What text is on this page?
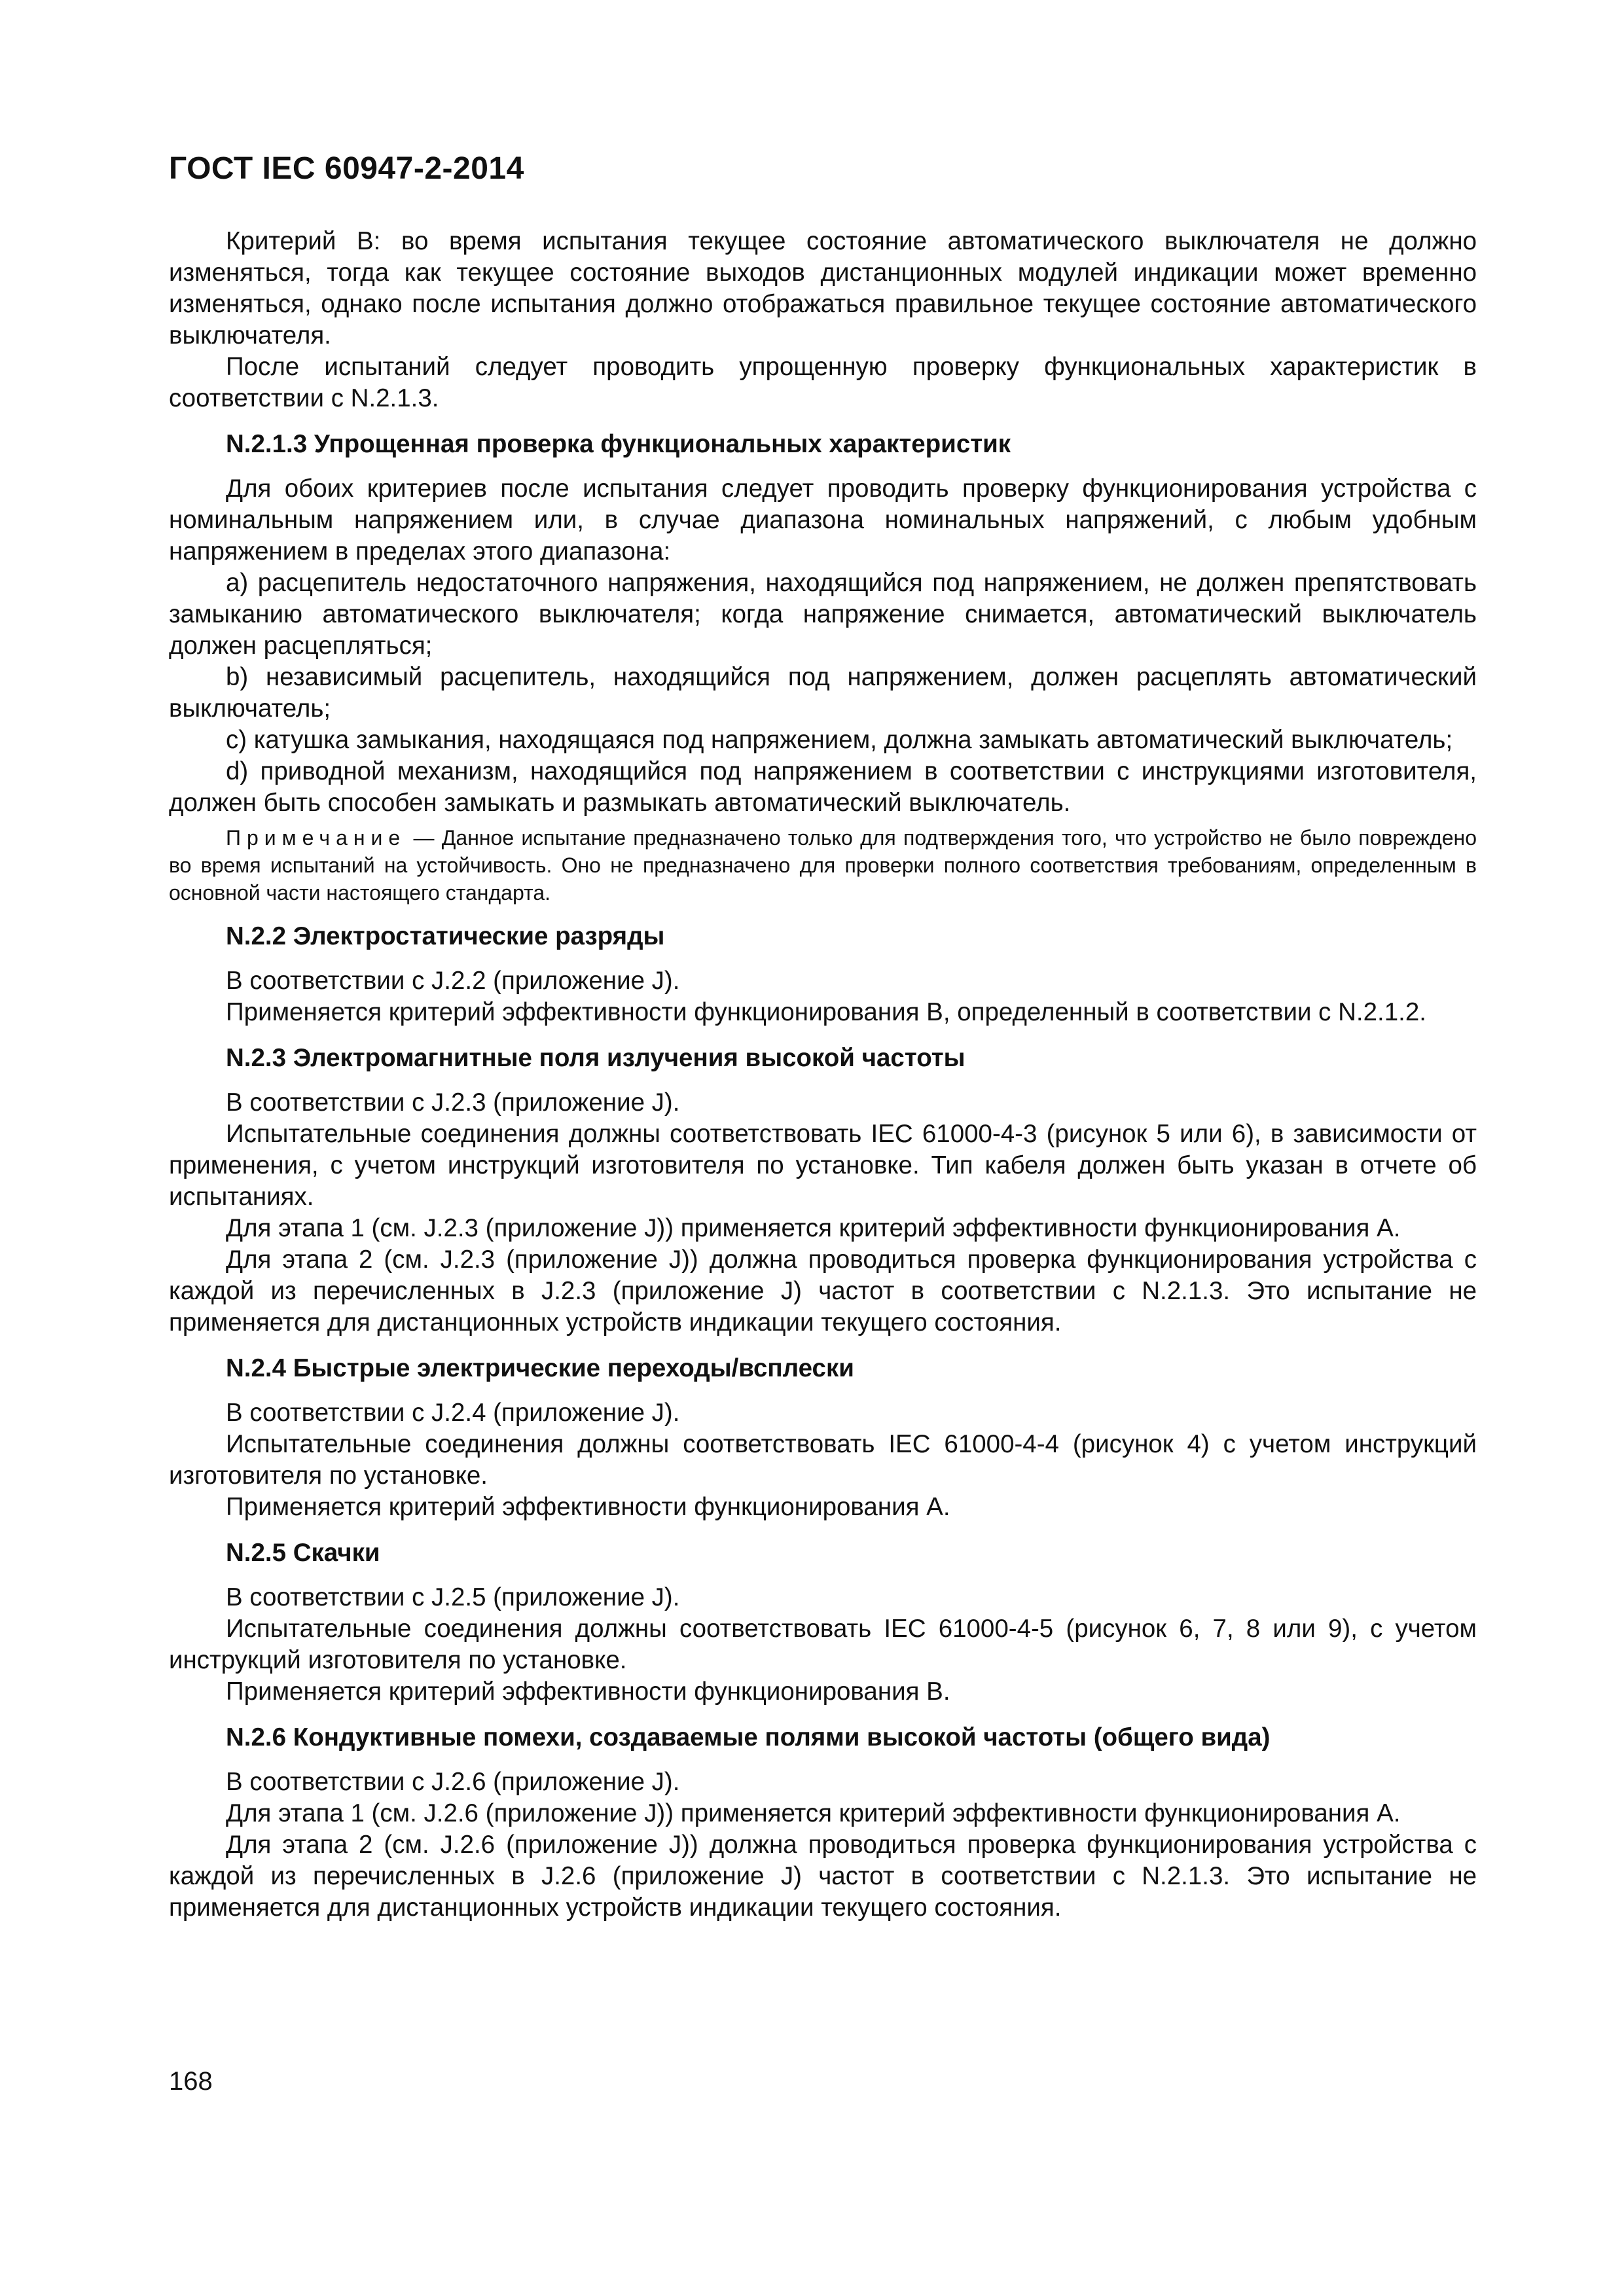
ГОСТ IEC 60947-2-2014

Критерий В: во время испытания текущее состояние автоматического выключателя не должно изменяться, тогда как текущее состояние выходов дистанционных модулей индикации может временно изменяться, однако после испытания должно отображаться правильное текущее состояние автоматического выключателя.

После испытаний следует проводить упрощенную проверку функциональных характеристик в соответствии с N.2.1.3.

N.2.1.3 Упрощенная проверка функциональных характеристик

Для обоих критериев после испытания следует проводить проверку функционирования устройства с номинальным напряжением или, в случае диапазона номинальных напряжений, с любым удобным напряжением в пределах этого диапазона:

a) расцепитель недостаточного напряжения, находящийся под напряжением, не должен препятствовать замыканию автоматического выключателя; когда напряжение снимается, автоматический выключатель должен расцепляться;

b) независимый расцепитель, находящийся под напряжением, должен расцеплять автоматический выключатель;

c) катушка замыкания, находящаяся под напряжением, должна замыкать автоматический выключатель;

d) приводной механизм, находящийся под напряжением в соответствии с инструкциями изготовителя, должен быть способен замыкать и размыкать автоматический выключатель.

Примечание — Данное испытание предназначено только для подтверждения того, что устройство не было повреждено во время испытаний на устойчивость. Оно не предназначено для проверки полного соответствия требованиям, определенным в основной части настоящего стандарта.

N.2.2 Электростатические разряды

В соответствии с J.2.2 (приложение J).

Применяется критерий эффективности функционирования В, определенный в соответствии с N.2.1.2.

N.2.3 Электромагнитные поля излучения высокой частоты

В соответствии с J.2.3 (приложение J).

Испытательные соединения должны соответствовать IEC 61000-4-3 (рисунок 5 или 6), в зависимости от применения, с учетом инструкций изготовителя по установке. Тип кабеля должен быть указан в отчете об испытаниях.

Для этапа 1 (см. J.2.3 (приложение J)) применяется критерий эффективности функционирования А.

Для этапа 2 (см. J.2.3 (приложение J)) должна проводиться проверка функционирования устройства с каждой из перечисленных в J.2.3 (приложение J) частот в соответствии с N.2.1.3. Это испытание не применяется для дистанционных устройств индикации текущего состояния.

N.2.4 Быстрые электрические переходы/всплески

В соответствии с J.2.4 (приложение J).

Испытательные соединения должны соответствовать IEC 61000-4-4 (рисунок 4) с учетом инструкций изготовителя по установке.

Применяется критерий эффективности функционирования А.

N.2.5 Скачки

В соответствии с J.2.5 (приложение J).

Испытательные соединения должны соответствовать IEC 61000-4-5 (рисунок 6, 7, 8 или 9), с учетом инструкций изготовителя по установке.

Применяется критерий эффективности функционирования В.

N.2.6 Кондуктивные помехи, создаваемые полями высокой частоты (общего вида)

В соответствии с J.2.6 (приложение J).

Для этапа 1 (см. J.2.6 (приложение J)) применяется критерий эффективности функционирования А.

Для этапа 2 (см. J.2.6 (приложение J)) должна проводиться проверка функционирования устройства с каждой из перечисленных в J.2.6 (приложение J) частот в соответствии с N.2.1.3. Это испытание не применяется для дистанционных устройств индикации текущего состояния.

168
